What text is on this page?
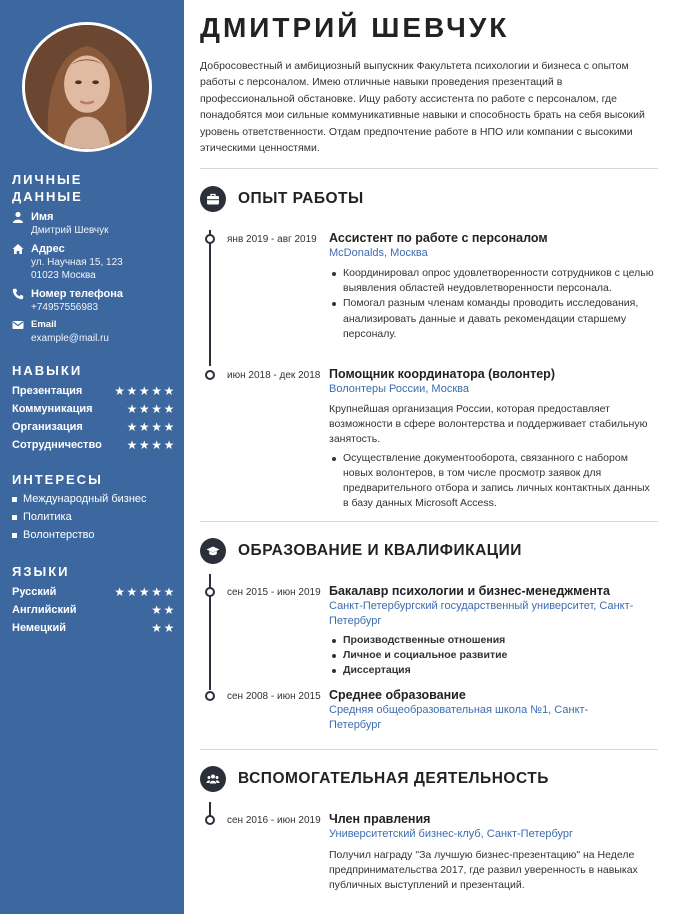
ЛИЧНЫЕ
ДАННЫЕ
Имя
Дмитрий Шевчук
Адрес
ул. Научная 15, 123 01023 Москва
Номер телефона
+74957556983
Email
example@mail.ru
НАВЫКИ
Презентация	★★★★★
Коммуникация	★★★★
Организация	★★★★
Сотрудничество ★★★★
ИНТЕРЕСЫ
Международный бизнес
Политика
Волонтерство
ЯЗЫКИ
Русский	★★★★★
Английский	★★
Немецкий	★★
ДМИТРИЙ ШЕВЧУК
Добросовестный и амбициозный выпускник Факультета психологии и бизнеса с опытом работы с персоналом. Имею отличные навыки проведения презентаций в профессиональной обстановке. Ищу работу ассистента по работе с персоналом, где понадобятся мои сильные коммуникативные навыки и способность брать на себя высокий уровень ответственности. Отдам предпочтение работе в НПО или компании с высокими этическими ценностями.
ОПЫТ РАБОТЫ
янв 2019 - авг 2019 Ассистент по работе с персоналом
McDonalds, Москва
Координировал опрос удовлетворенности сотрудников с целью выявления областей неудовлетворенности персонала.
Помогал разным членам команды проводить исследования, анализировать данные и давать рекомендации старшему персоналу.
июн 2018 - дек 2018 Помощник координатора (волонтер)
Волонтеры России, Москва
Крупнейшая организация России, которая предоставляет возможности в сфере волонтерства и поддерживает стабильную занятость.
Осуществление документооборота, связанного с набором новых волонтеров, в том числе просмотр заявок для предварительного отбора и запись личных контактных данных в базу данных Microsoft Access.
ОБРАЗОВАНИЕ И КВАЛИФИКАЦИИ
сен 2015 - июн 2019 Бакалавр психологии и бизнес-менеджмента
Санкт-Петербургский государственный университет, Санкт-Петербург
Производственные отношения
Личное и социальное развитие
Диссертация
сен 2008 - июн 2015 Среднее образование
Средняя общеобразовательная школа №1, Санкт-Петербург
ВСПОМОГАТЕЛЬНАЯ ДЕЯТЕЛЬНОСТЬ
сен 2016 - июн 2019 Член правления
Университетский бизнес-клуб, Санкт-Петербург
Получил награду "За лучшую бизнес-презентацию" на Неделе предпринимательства 2017, где развил уверенность в навыках публичных выступлений и презентаций.
